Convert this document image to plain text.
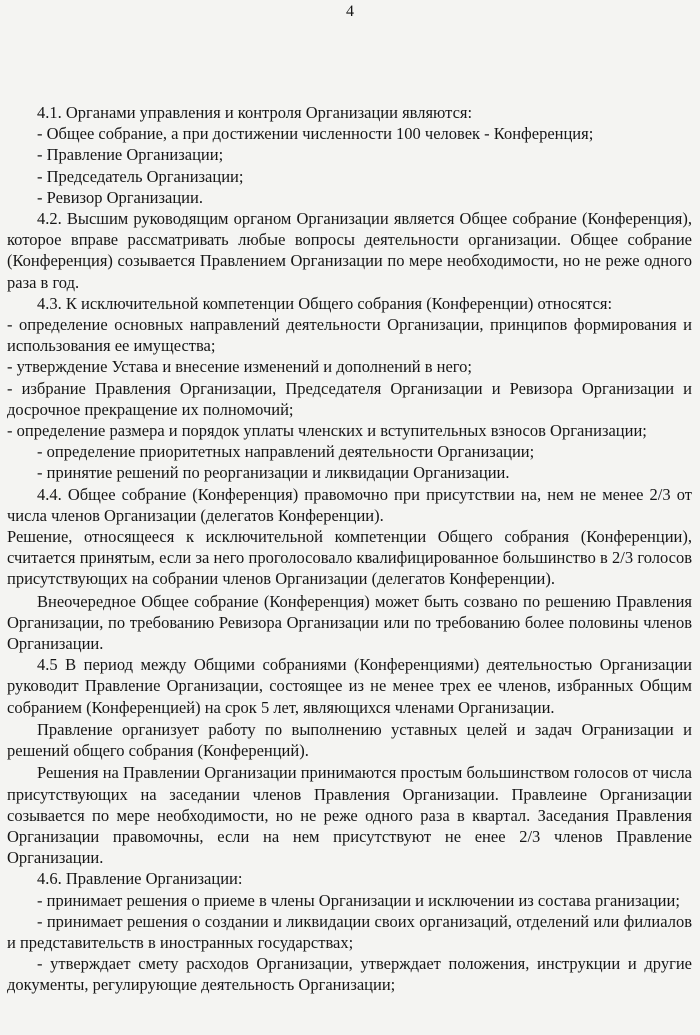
4

4.1. Органами управления и контроля Организации являются:

- Общее собрание, а при достижении численности 100 человек - Конференция;

- Правление Организации;

- Председатель Организации;

- Ревизор Организации.

4.2. Высшим руководящим органом Организации является Общее собрание (Конференция), которое вправе рассматривать любые вопросы деятельности организации. Общее собрание (Конференция) созывается Правлением Организации по мере необходимости, но не реже одного раза в год.

4.3. К исключительной компетенции Общего собрания (Конференции) относятся:

- определение основных направлений деятельности Организации, принципов формирования и использования ее имущества;

- утверждение Устава и внесение изменений и дополнений в него;

- избрание Правления Организации, Председателя Организации и Ревизора Организации и досрочное прекращение их полномочий;

- определение размера и порядок уплаты членских и вступительных взносов Организации;

- определение приоритетных направлений деятельности Организации;

- принятие решений по реорганизации и ликвидации Организации.

4.4. Общее собрание (Конференция) правомочно при присутствии на, нем не менее 2/3 от числа членов Организации (делегатов Конференции).

Решение, относящееся к исключительной компетенции Общего собрания (Конференции), считается принятым, если за него проголосовало квалифицированное большинство в 2/3 голосов присутствующих на собрании членов Организации (делегатов Конференции).

Внеочередное Общее собрание (Конференция) может быть созвано по решению Правления Организации, по требованию Ревизора Организации или по требованию более половины членов Организации.

4.5 В период между Общими собраниями (Конференциями) деятельностью Организации руководит Правление Организации, состоящее из не менее трех ее членов, избранных Общим собранием (Конференцией) на срок 5 лет, являющихся членами Организации.

Правление организует работу по выполнению уставных целей и задач Огранизации и решений общего собрания (Конференций).

Решения на Правлении Организации принимаются простым большинством голосов от числа присутствующих на заседании членов Правления Организации. Правлеине Организации созывается по мере необходимости, но не реже одного раза в квартал. Заседания Правления Организации правомочны, если на нем присутствуют не енее 2/3 членов Правление Организации.

4.6. Правление Организации:

- принимает решения о приеме в члены Организации и исключении из состава рганизации;

- принимает решения о создании и ликвидации своих организаций, отделений или филиалов и представительств в иностранных государствах;

- утверждает смету расходов Организации, утверждает положения, инструкции и другие документы, регулирующие деятельность Организации;
